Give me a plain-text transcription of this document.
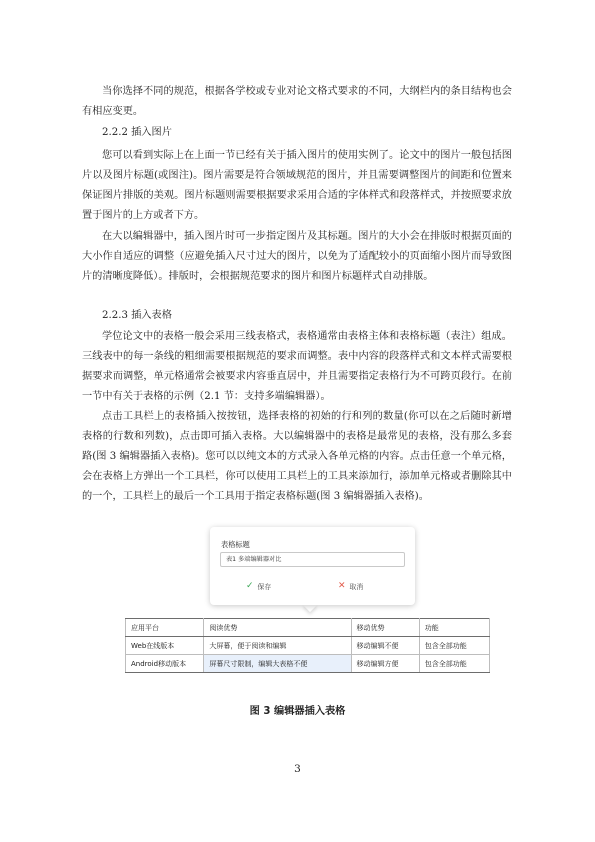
当你选择不同的规范，根据各学校或专业对论文格式要求的不同，大纲栏内的条目结构也会有相应变更。

2.2.2 插入图片

您可以看到实际上在上面一节已经有关于插入图片的使用实例了。论文中的图片一般包括图片以及图片标题(或图注)。图片需要是符合领域规范的图片，并且需要调整图片的间距和位置来保证图片排版的美观。图片标题则需要根据要求采用合适的字体样式和段落样式，并按照要求放置于图片的上方或者下方。

在大以编辑器中，插入图片时可一步指定图片及其标题。图片的大小会在排版时根据页面的大小作自适应的调整（应避免插入尺寸过大的图片，以免为了适配较小的页面缩小图片而导致图片的清晰度降低）。排版时，会根据规范要求的图片和图片标题样式自动排版。

2.2.3 插入表格

学位论文中的表格一般会采用三线表格式，表格通常由表格主体和表格标题（表注）组成。三线表中的每一条线的粗细需要根据规范的要求而调整。表中内容的段落样式和文本样式需要根据要求而调整，单元格通常会被要求内容垂直居中，并且需要指定表格行为不可跨页段行。在前一节中有关于表格的示例（2.1 节：支持多端编辑器）。

点击工具栏上的表格插入按按钮，选择表格的初始的行和列的数量(你可以在之后随时新增表格的行数和列数)，点击即可插入表格。大以编辑器中的表格是最常见的表格，没有那么多套路(图 3 编辑器插入表格)。您可以以纯文本的方式录入各单元格的内容。点击任意一个单元格，会在表格上方弹出一个工具栏，你可以使用工具栏上的工具来添加行，添加单元格或者删除其中的一个，工具栏上的最后一个工具用于指定表格标题(图 3 编辑器插入表格)。

表格标题
表1 多端编辑器对比
✓ 保存	✕ 取消
应用平台	阅读优势	移动优势	功能
Web在线版本	大屏幕，便于阅读和编辑	移动编辑不便	包含全部功能
Android移动版本	屏幕尺寸限制，编辑大表格不便	移动编辑方便	包含全部功能
图 3 编辑器插入表格
3
